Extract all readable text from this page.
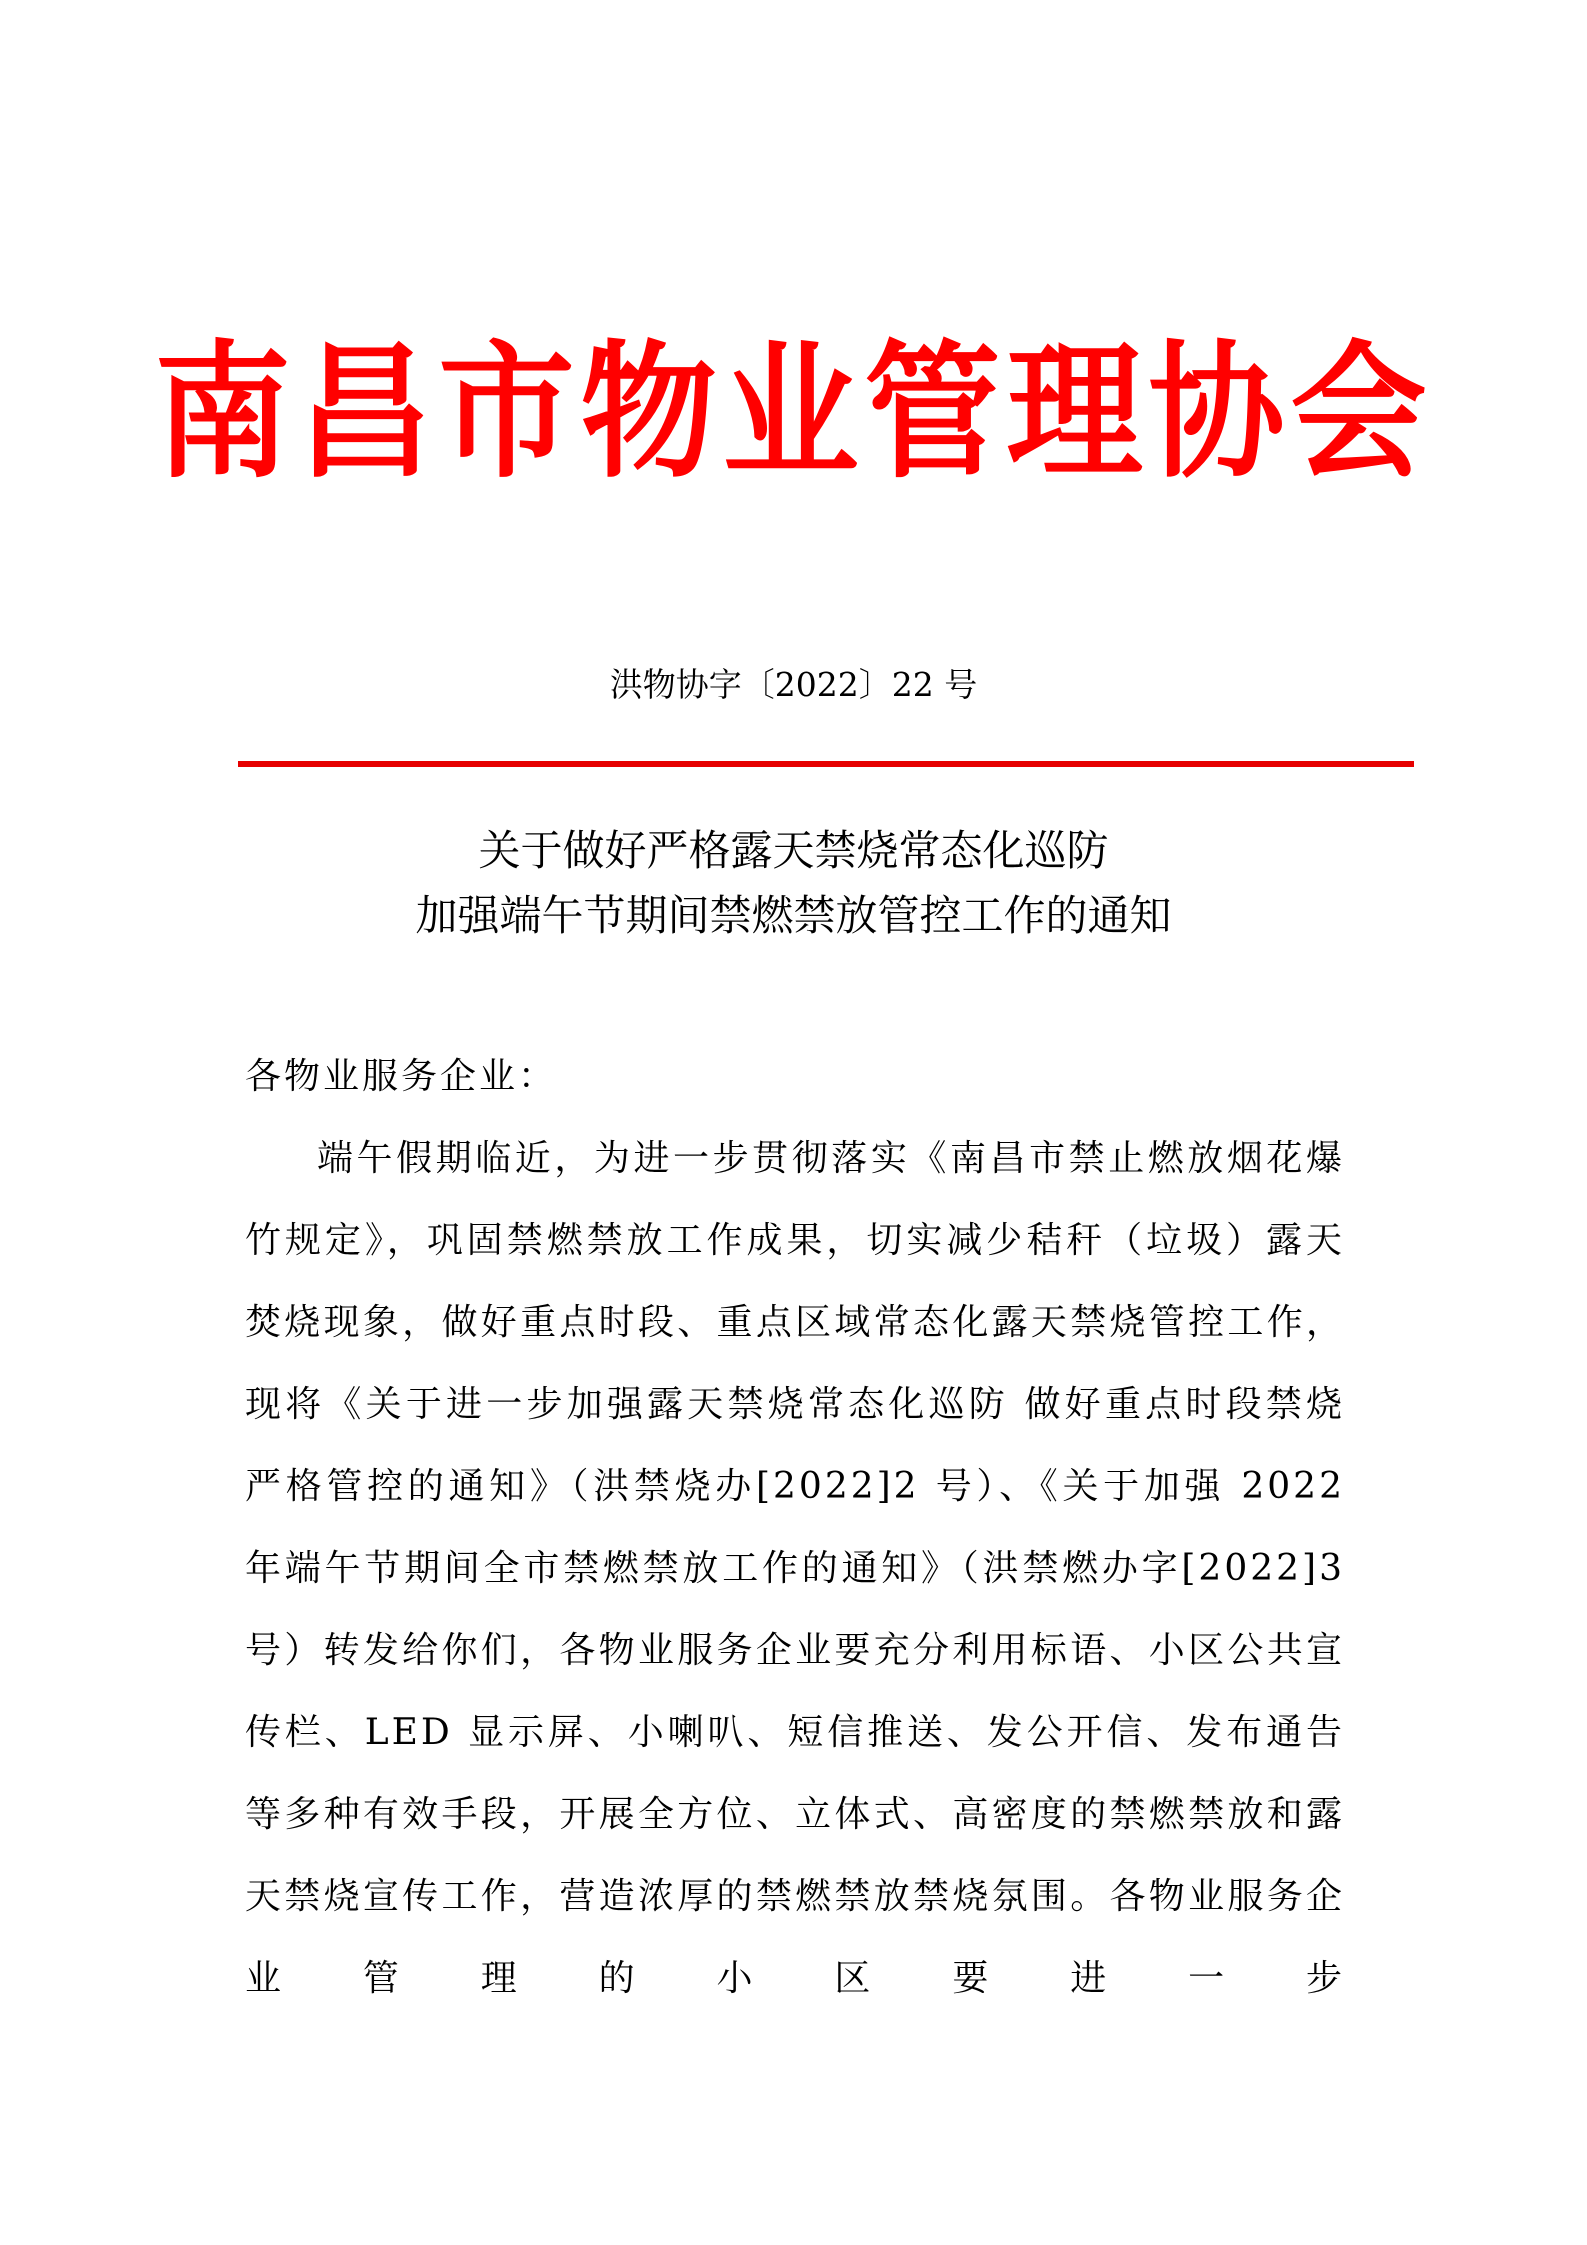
南昌市物业管理协会
洪物协字〔2022〕22 号
关于做好严格露天禁烧常态化巡防
加强端午节期间禁燃禁放管控工作的通知

各物业服务企业：

端午假期临近，为进一步贯彻落实《南昌市禁止燃放烟花爆竹规定》，巩固禁燃禁放工作成果，切实减少秸秆（垃圾）露天焚烧现象，做好重点时段、重点区域常态化露天禁烧管控工作，现将《关于进一步加强露天禁烧常态化巡防 做好重点时段禁烧严格管控的通知》（洪禁烧办[2022]2 号）、《关于加强 2022 年端午节期间全市禁燃禁放工作的通知》（洪禁燃办字[2022]3 号）转发给你们，各物业服务企业要充分利用标语、小区公共宣传栏、LED 显示屏、小喇叭、短信推送、发公开信、发布通告等多种有效手段，开展全方位、立体式、高密度的禁燃禁放和露天禁烧宣传工作，营造浓厚的禁燃禁放禁烧氛围。各物业服务企业管理的小区要进一步
